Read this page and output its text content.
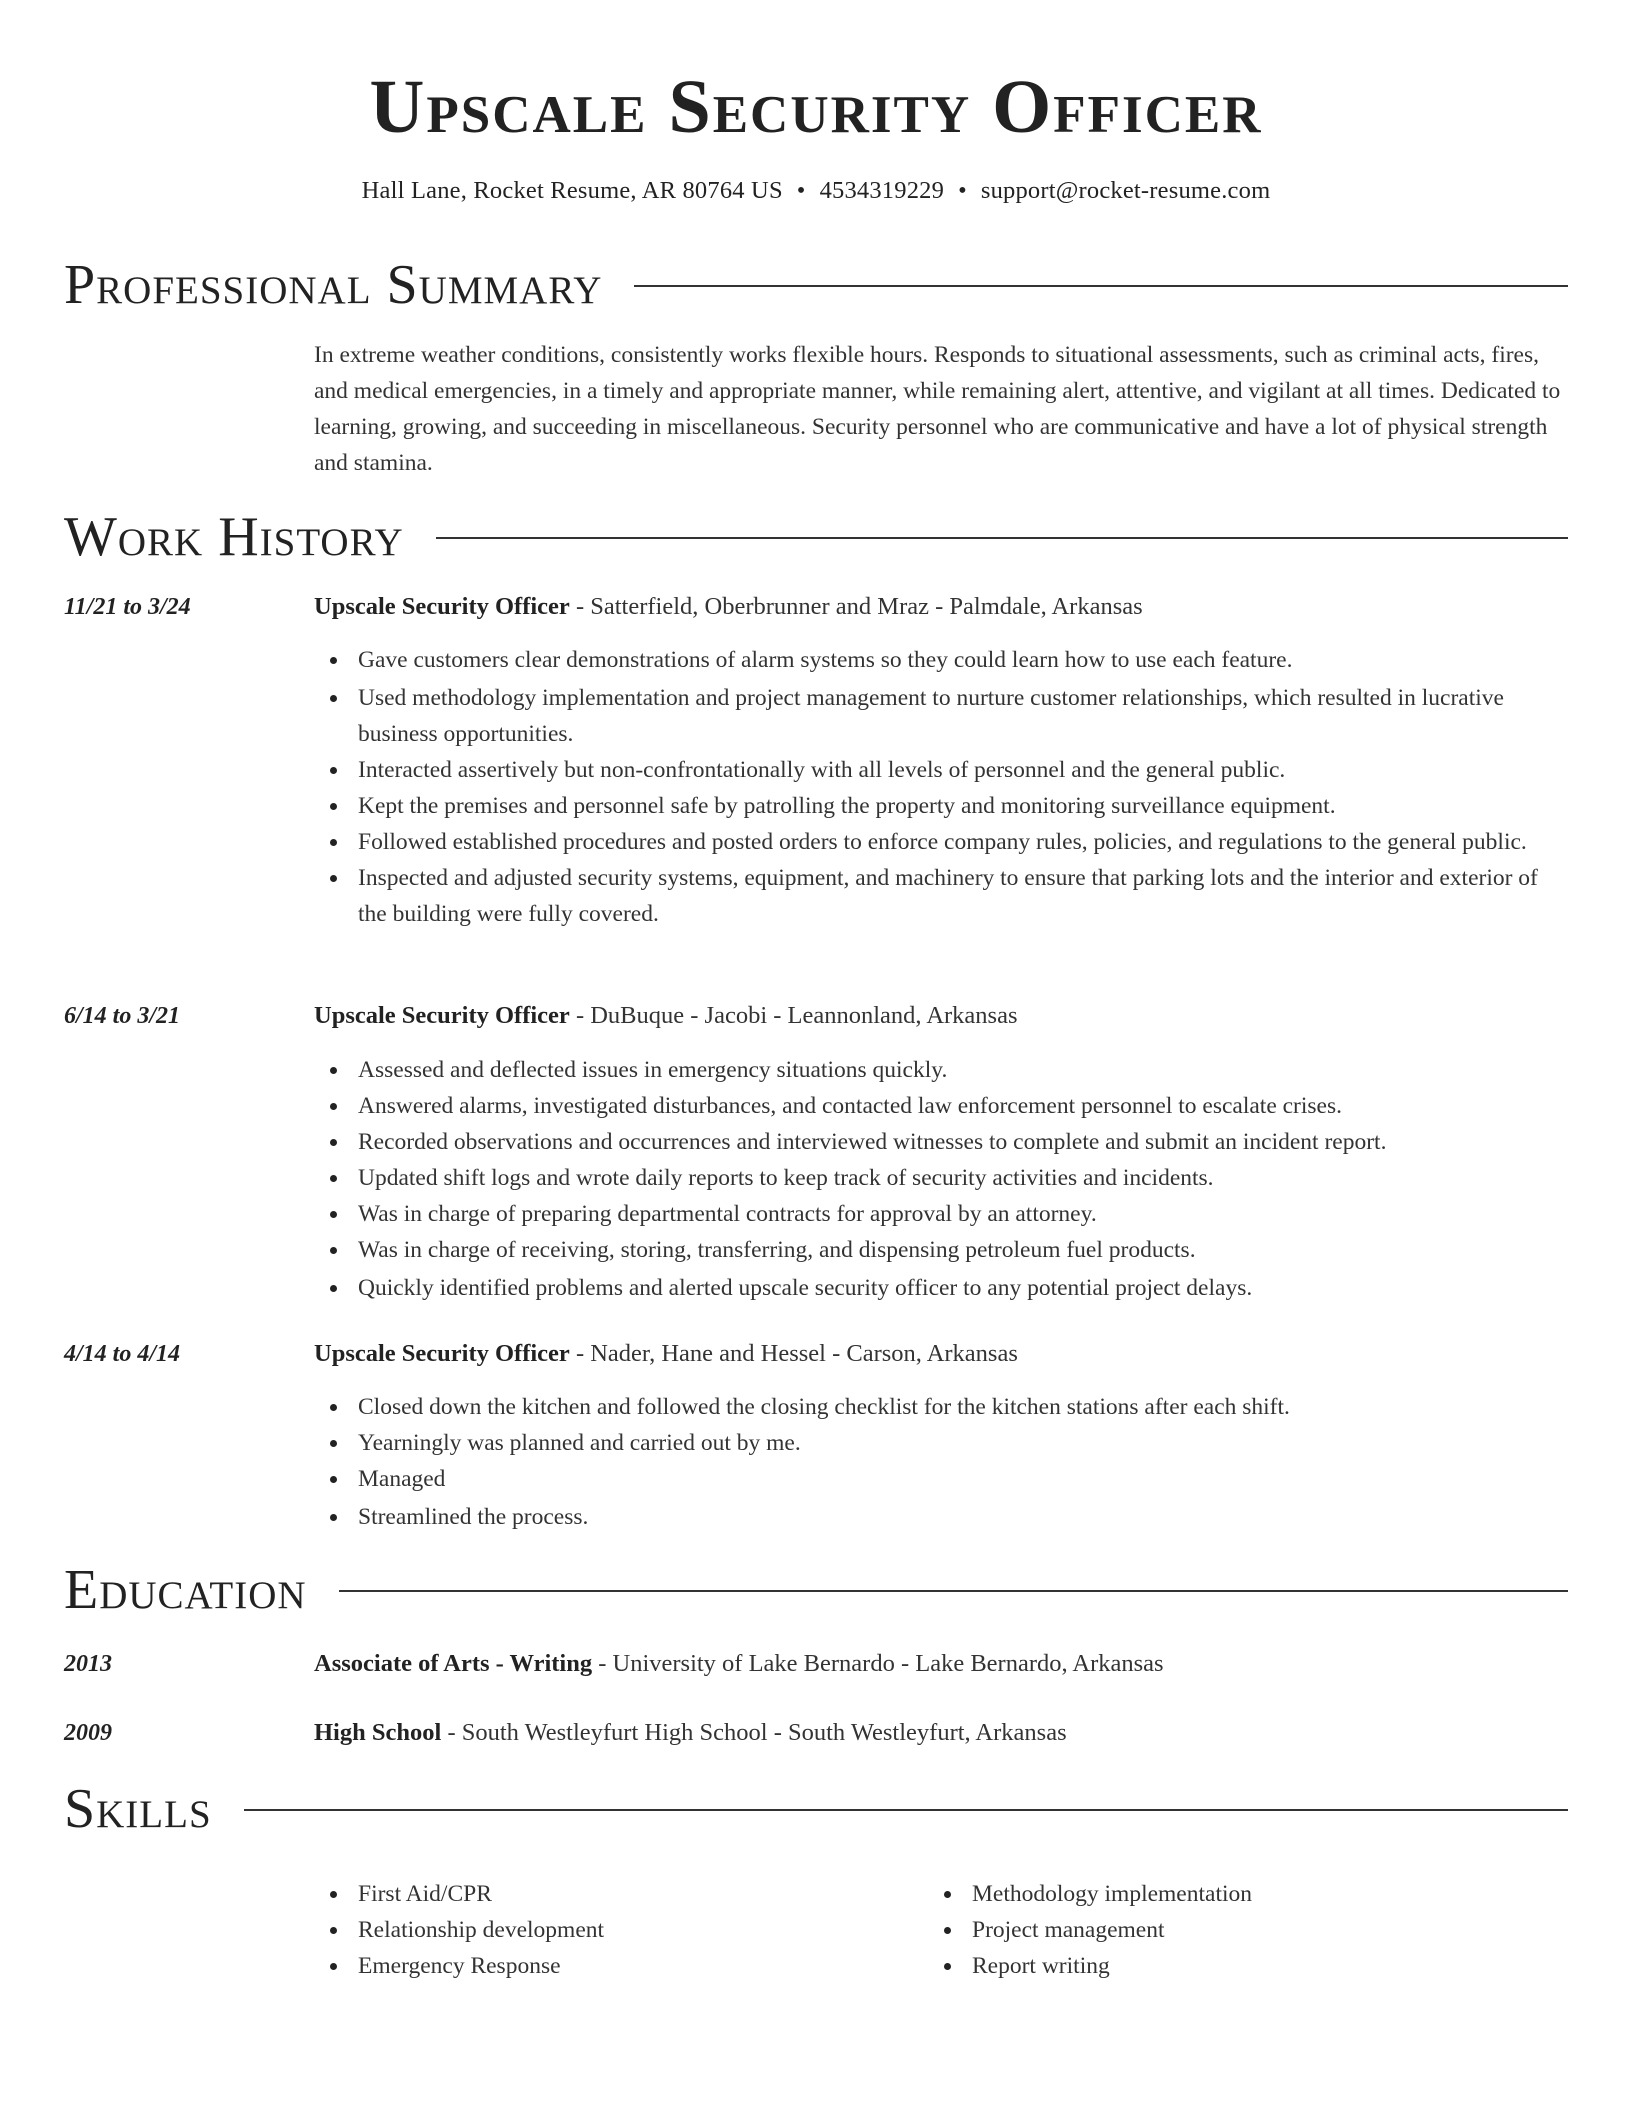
Upscale Security Officer
Hall Lane, Rocket Resume, AR 80764 US • 4534319229 • support@rocket-resume.com
Professional Summary

In extreme weather conditions, consistently works flexible hours. Responds to situational assessments, such as criminal acts, fires, and medical emergencies, in a timely and appropriate manner, while remaining alert, attentive, and vigilant at all times. Dedicated to learning, growing, and succeeding in miscellaneous. Security personnel who are communicative and have a lot of physical strength and stamina.

Work History
11/21 to 3/24	Upscale Security Officer - Satterfield, Oberbrunner and Mraz - Palmdale, Arkansas
Gave customers clear demonstrations of alarm systems so they could learn how to use each feature.
Used methodology implementation and project management to nurture customer relationships, which resulted in lucrative business opportunities.
Interacted assertively but non-confrontationally with all levels of personnel and the general public.
Kept the premises and personnel safe by patrolling the property and monitoring surveillance equipment.
Followed established procedures and posted orders to enforce company rules, policies, and regulations to the general public.
Inspected and adjusted security systems, equipment, and machinery to ensure that parking lots and the interior and exterior of the building were fully covered.
6/14 to 3/21	Upscale Security Officer - DuBuque - Jacobi - Leannonland, Arkansas
Assessed and deflected issues in emergency situations quickly.
Answered alarms, investigated disturbances, and contacted law enforcement personnel to escalate crises.
Recorded observations and occurrences and interviewed witnesses to complete and submit an incident report.
Updated shift logs and wrote daily reports to keep track of security activities and incidents.
Was in charge of preparing departmental contracts for approval by an attorney.
Was in charge of receiving, storing, transferring, and dispensing petroleum fuel products.
Quickly identified problems and alerted upscale security officer to any potential project delays.
4/14 to 4/14	Upscale Security Officer - Nader, Hane and Hessel - Carson, Arkansas
Closed down the kitchen and followed the closing checklist for the kitchen stations after each shift.
Yearningly was planned and carried out by me.
Managed
Streamlined the process.
Education
2013	Associate of Arts - Writing - University of Lake Bernardo - Lake Bernardo, Arkansas
2009	High School - South Westleyfurt High School - South Westleyfurt, Arkansas
Skills
First Aid/CPR
Relationship development
Emergency Response
Methodology implementation
Project management
Report writing
